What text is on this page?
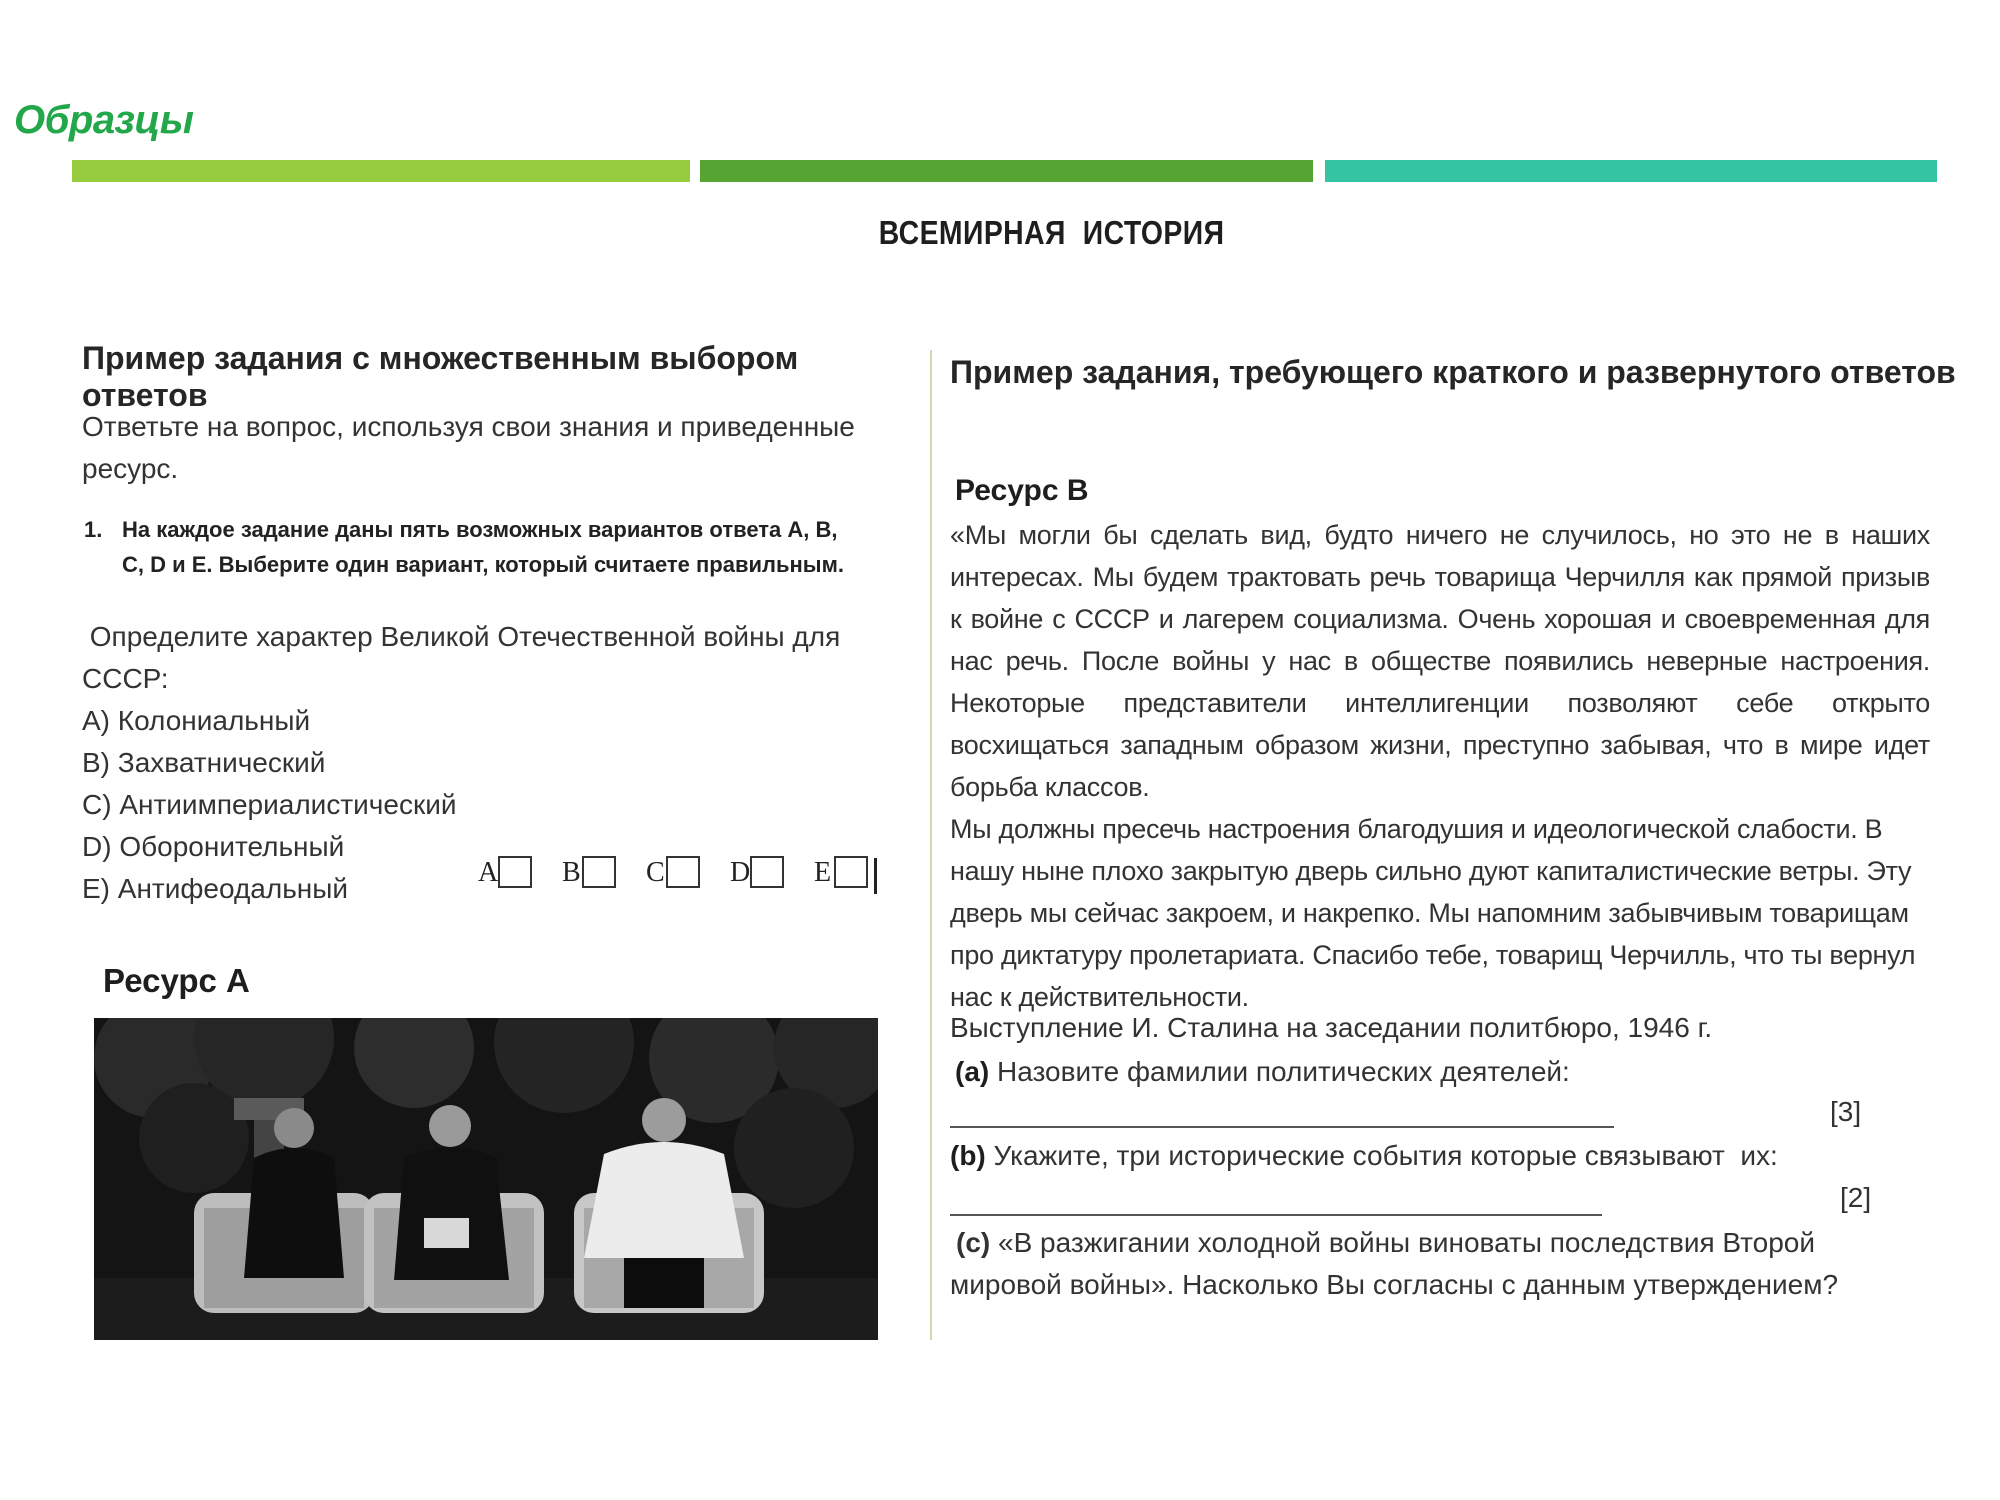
Образцы
ВСЕМИРНАЯ ИСТОРИЯ
Пример задания с множественным выбором ответов
Ответьте на вопрос, используя свои знания и приведенные
ресурс.
1. На каждое задание даны пять возможных вариантов ответа A, B, C, D и E. Выберите один вариант, который считаете правильным.
Определите характер Великой Отечественной войны для
СССР:
А) Колониальный
B) Захватнический
C) Антиимпериалистический
D) Оборонительный
E) Антифеодальный
A B C D E
Ресурс А
Пример задания, требующего краткого и развернутого ответов
Ресурс B

«Мы могли бы сделать вид, будто ничего не случилось, но это не в наших интересах. Мы будем трактовать речь товарища Черчилля как прямой призыв к войне с СССР и лагерем социализма. Очень хорошая и своевременная для нас речь. После войны у нас в обществе появились неверные настроения. Некоторые представители интеллигенции позволяют себе открыто восхищаться западным образом жизни, преступно забывая, что в мире идет борьба классов.

Мы должны пресечь настроения благодушия и идеологической слабости. В нашу ныне плохо закрытую дверь сильно дуют капиталистические ветры. Эту дверь мы сейчас закроем, и накрепко. Мы напомним забывчивым товарищам про диктатуру пролетариата. Спасибо тебе, товарищ Черчилль, что ты вернул нас к действительности.

Выступление И. Сталина на заседании политбюро, 1946 г.
(a) Назовите фамилии политических деятелей:
[3]
(b) Укажите, три исторические события которые связывают  их:
[2]
(c) «В разжигании холодной войны виноваты последствия Второй мировой войны». Насколько Вы согласны с данным утверждением?
